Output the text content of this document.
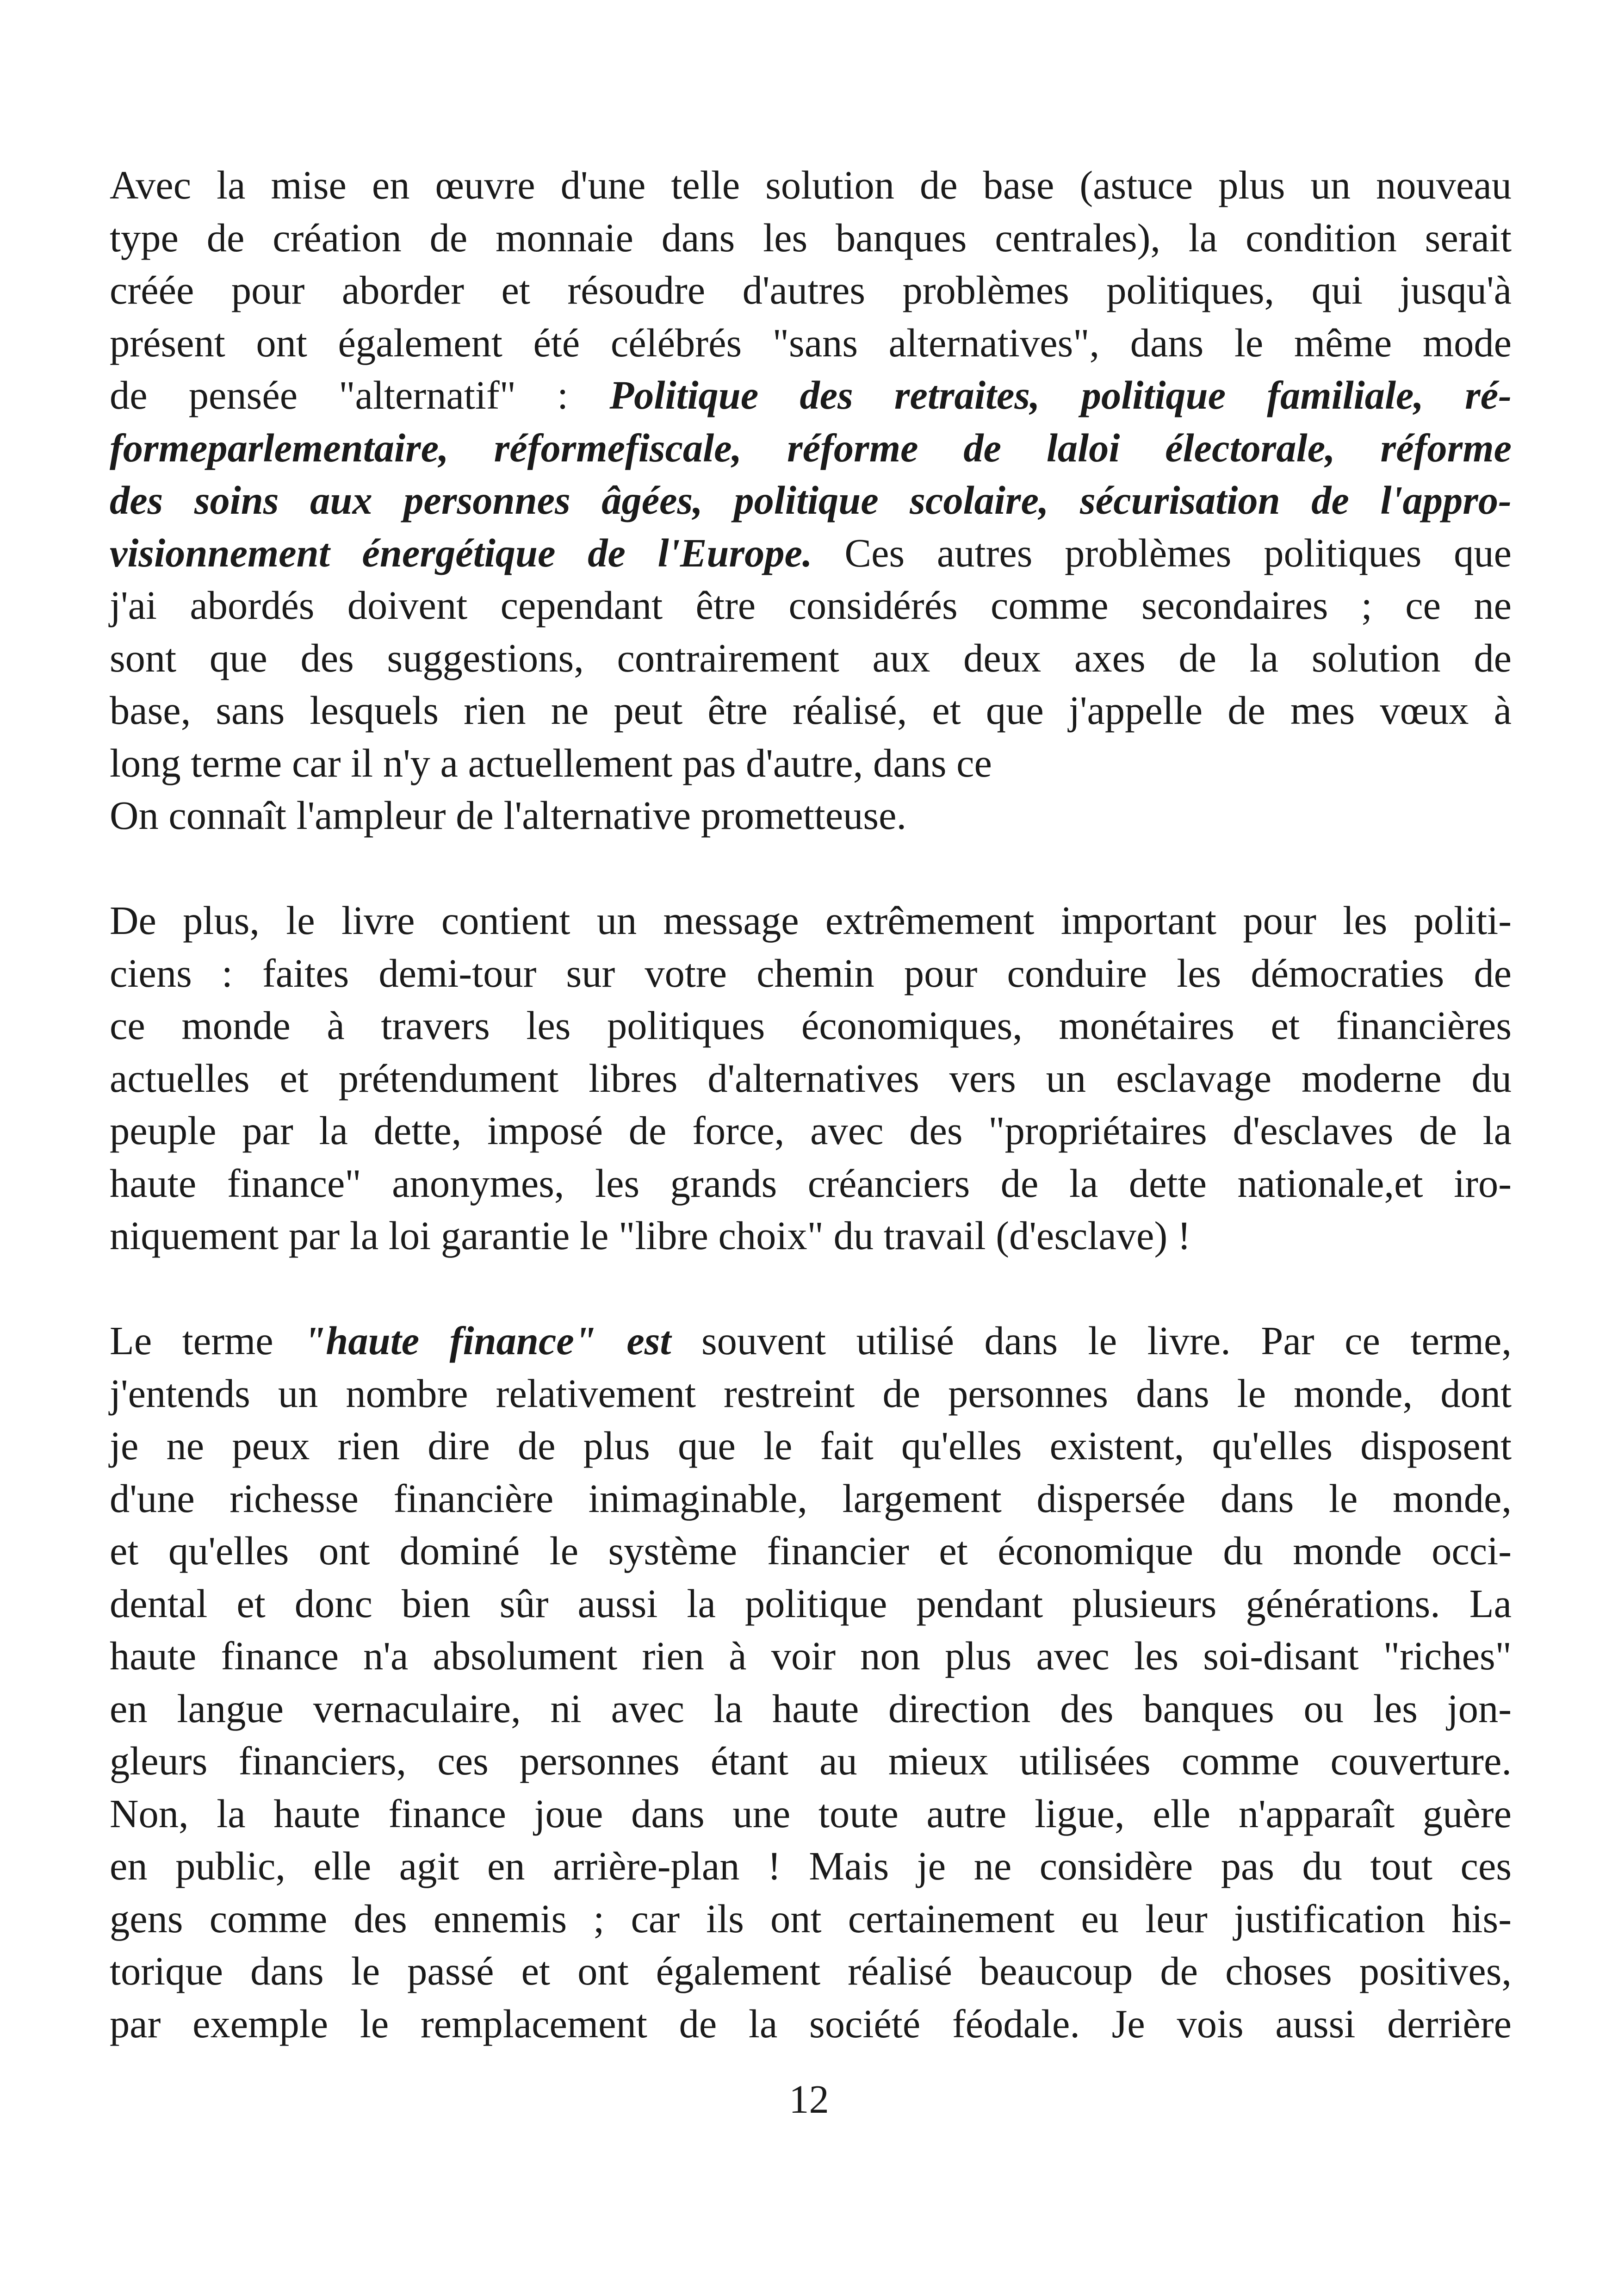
Avec la mise en œuvre d'une telle solution de base (astuce plus un nouveau
type de création de monnaie dans les banques centrales), la condition serait
créée pour aborder et résoudre d'autres problèmes politiques, qui jusqu'à
présent ont également été célébrés "sans alternatives", dans le même mode
de pensée "alternatif" : Politique des retraites, politique familiale, ré-
formeparlementaire, réformefiscale, réforme de laloi électorale, réforme
des soins aux personnes âgées, politique scolaire, sécurisation de l'appro-
visionnement énergétique de l'Europe. Ces autres problèmes politiques que
j'ai abordés doivent cependant être considérés comme secondaires ; ce ne
sont que des suggestions, contrairement aux deux axes de la solution de
base, sans lesquels rien ne peut être réalisé, et que j'appelle de mes vœux à
long terme car il n'y a actuellement pas d'autre, dans ce
On connaît l'ampleur de l'alternative prometteuse.
De plus, le livre contient un message extrêmement important pour les politi-
ciens : faites demi-tour sur votre chemin pour conduire les démocraties de
ce monde à travers les politiques économiques, monétaires et financières
actuelles et prétendument libres d'alternatives vers un esclavage moderne du
peuple par la dette, imposé de force, avec des "propriétaires d'esclaves de la
haute finance" anonymes, les grands créanciers de la dette nationale,et iro-
niquement par la loi garantie le "libre choix" du travail (d'esclave) !
Le terme "haute finance" est souvent utilisé dans le livre. Par ce terme,
j'entends un nombre relativement restreint de personnes dans le monde, dont
je ne peux rien dire de plus que le fait qu'elles existent, qu'elles disposent
d'une richesse financière inimaginable, largement dispersée dans le monde,
et qu'elles ont dominé le système financier et économique du monde occi-
dental et donc bien sûr aussi la politique pendant plusieurs générations. La
haute finance n'a absolument rien à voir non plus avec les soi-disant "riches"
en langue vernaculaire, ni avec la haute direction des banques ou les jon-
gleurs financiers, ces personnes étant au mieux utilisées comme couverture.
Non, la haute finance joue dans une toute autre ligue, elle n'apparaît guère
en public, elle agit en arrière-plan ! Mais je ne considère pas du tout ces
gens comme des ennemis ; car ils ont certainement eu leur justification his-
torique dans le passé et ont également réalisé beaucoup de choses positives,
par exemple le remplacement de la société féodale. Je vois aussi derrière
12
